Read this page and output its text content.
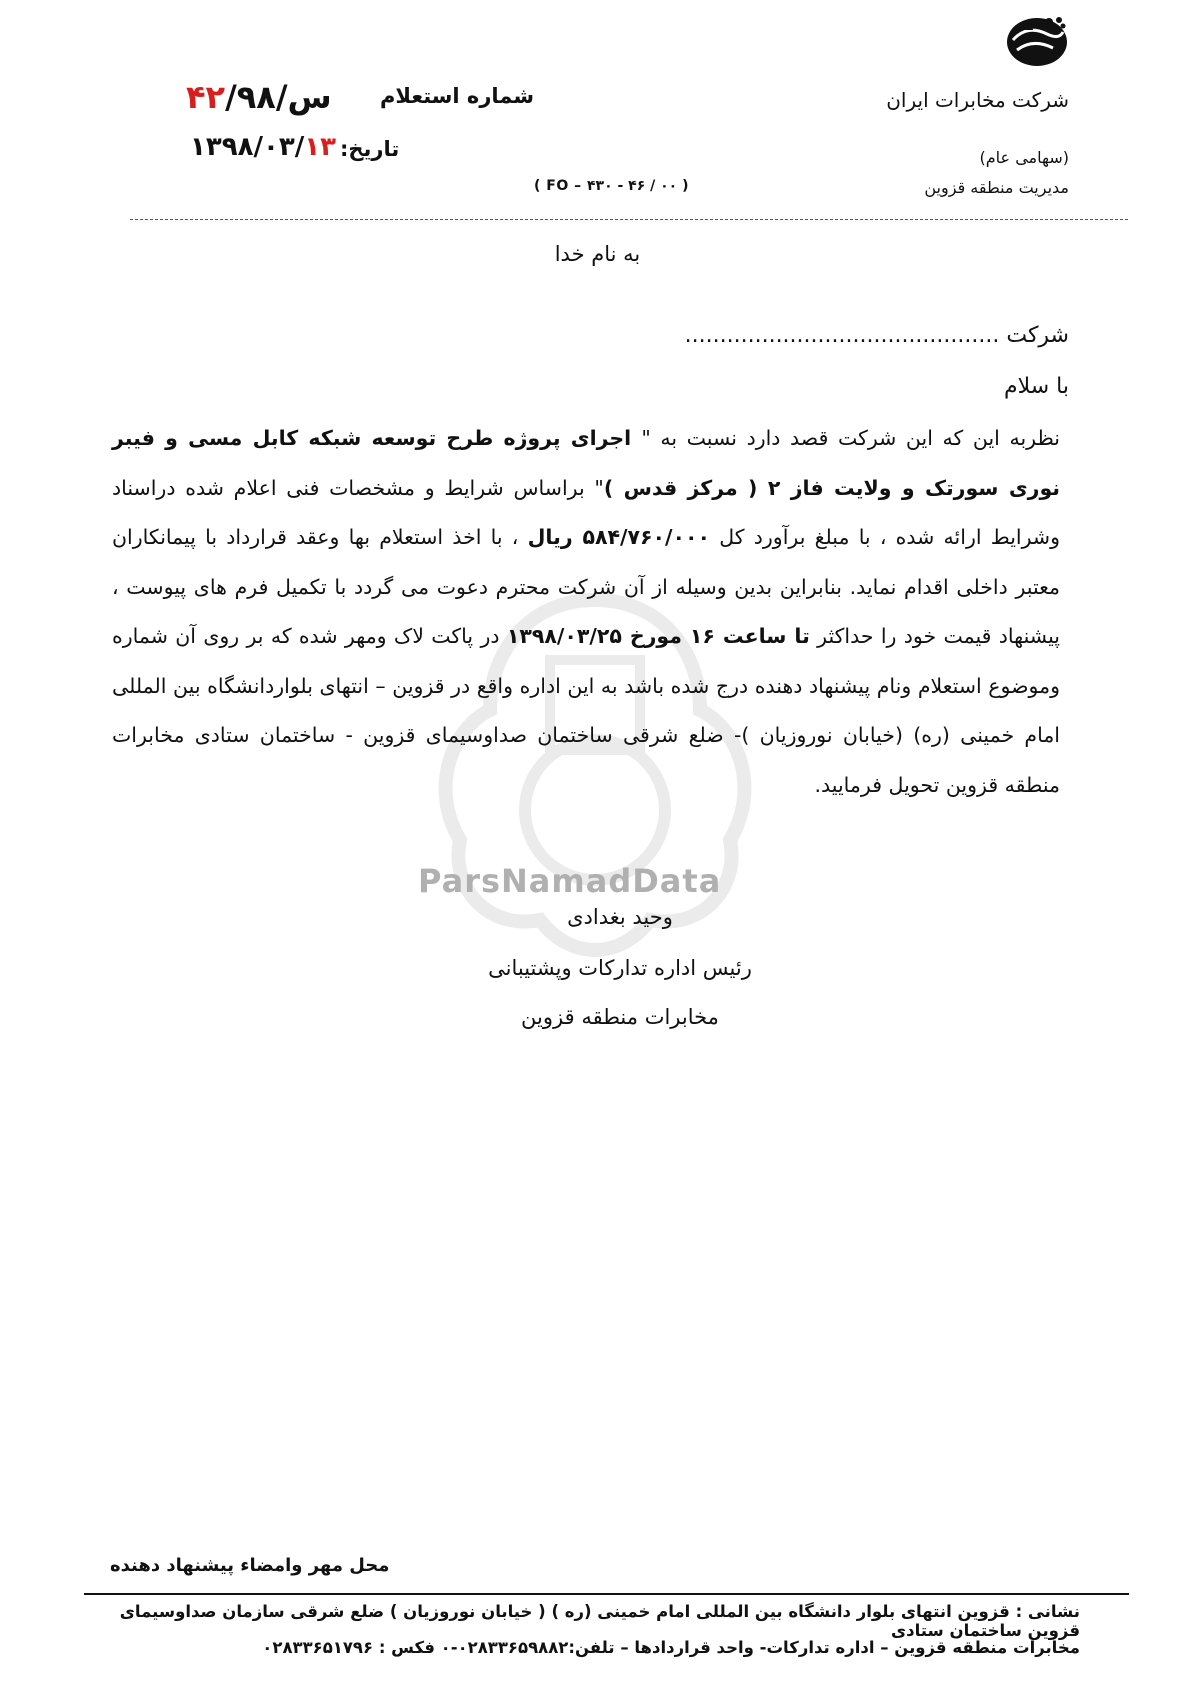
شرکت مخابرات ایران
(سهامی عام)
مدیریت منطقه قزوین
شماره استعلام
س/۹۸/۴۲
تاریخ:
۱۳۹۸/۰۳/۱۳
( FO – ۴۳۰ - ۴۶ / ۰۰ )
به نام خدا
شرکت .............................................
با سلام
ParsNamadData
نظربه این که این شرکت قصد دارد نسبت به " اجرای پروژه طرح توسعه شبکه کابل مسی و فیبر نوری سورتک و ولایت فاز ۲ ( مرکز قدس )" براساس شرایط و مشخصات فنی اعلام شده دراسناد وشرایط ارائه شده ، با مبلغ برآورد کل ۵۸۴/۷۶۰/۰۰۰ ریال ، با اخذ استعلام بها وعقد قرارداد با پیمانکاران معتبر داخلی اقدام نماید. بنابراین بدین وسیله از آن شرکت محترم دعوت می گردد با تکمیل فرم های پیوست ، پیشنهاد قیمت خود را حداکثر تا ساعت ۱۶ مورخ ۱۳۹۸/۰۳/۲۵ در پاکت لاک ومهر شده که بر روی آن شماره وموضوع استعلام ونام پیشنهاد دهنده درج شده باشد به این اداره واقع در قزوین – انتهای بلواردانشگاه بین المللی امام خمینی (ره) (خیابان نوروزیان )- ضلع شرقی ساختمان صداوسیمای قزوین - ساختمان ستادی مخابرات منطقه قزوین تحویل فرمایید.
وحید بغدادی
رئیس اداره تدارکات وپشتیبانی
مخابرات منطقه قزوین
محل مهر وامضاء پیشنهاد دهنده
نشانی : قزوین انتهای بلوار دانشگاه بین المللی امام خمینی (ره ) ( خیابان نوروزیان ) ضلع شرقی سازمان صداوسیمای قزوین ساختمان ستادی
مخابرات منطقه قزوین – اداره تدارکات- واحد قراردادها – تلفن:۰۲۸۳۳۶۵۹۸۸۲-۰ فکس : ۰۲۸۳۳۶۵۱۷۹۶
